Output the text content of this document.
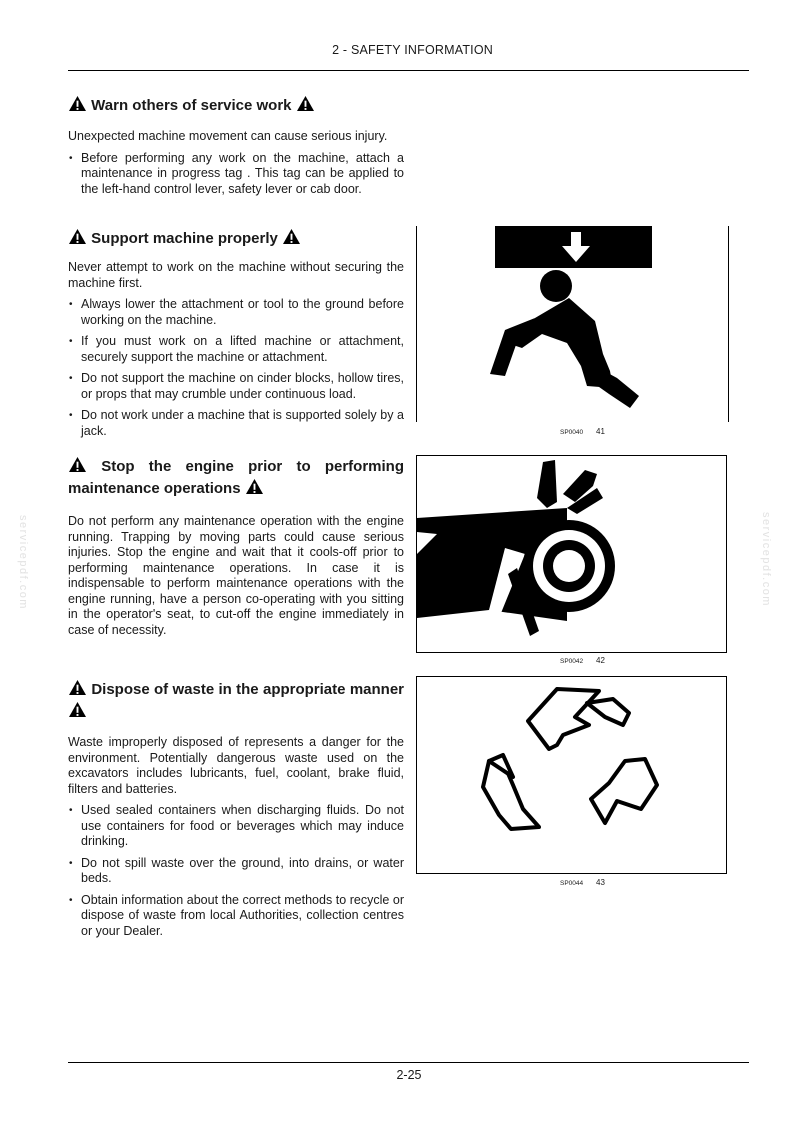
2 - SAFETY INFORMATION
servicepdf.com	servicepdf.com

Warn others of service work

Unexpected machine movement can cause serious injury.

• Before performing any work on the machine, attach a maintenance in progress tag . This tag can be applied to the left-hand control lever, safety lever or cab door.

Support machine properly

Never attempt to work on the machine without securing the machine first.

• Always lower the attachment or tool to the ground before working on the machine.
• If you must work on a lifted machine or attachment, securely support the machine or attachment.
• Do not support the machine on cinder blocks, hollow tires, or props that may crumble under continuous load.
• Do not work under a machine that is supported solely by a jack.

Stop the engine prior to performing maintenance operations

Do not perform any maintenance operation with the engine running. Trapping by moving parts could cause serious injuries. Stop the engine and wait that it cools-off prior to performing maintenance operations. In case it is indispensable to perform maintenance operations with the engine running, have a person co-operating with you sitting in the operator's seat, to cut-off the engine immediately in case of necessity.

Dispose of waste in the appropriate manner

Waste improperly disposed of represents a danger for the environment. Potentially dangerous waste used on the excavators includes lubricants, fuel, coolant, brake fluid, filters and batteries.

• Used sealed containers when discharging fluids. Do not use containers for food or beverages which may induce drinking.
• Do not spill waste over the ground, into drains, or water beds.
• Obtain information about the correct methods to recycle or dispose of waste from local Authorities, collection centres or your Dealer.
SP0040 41
SP0042 42
SP0044 43
2-25
